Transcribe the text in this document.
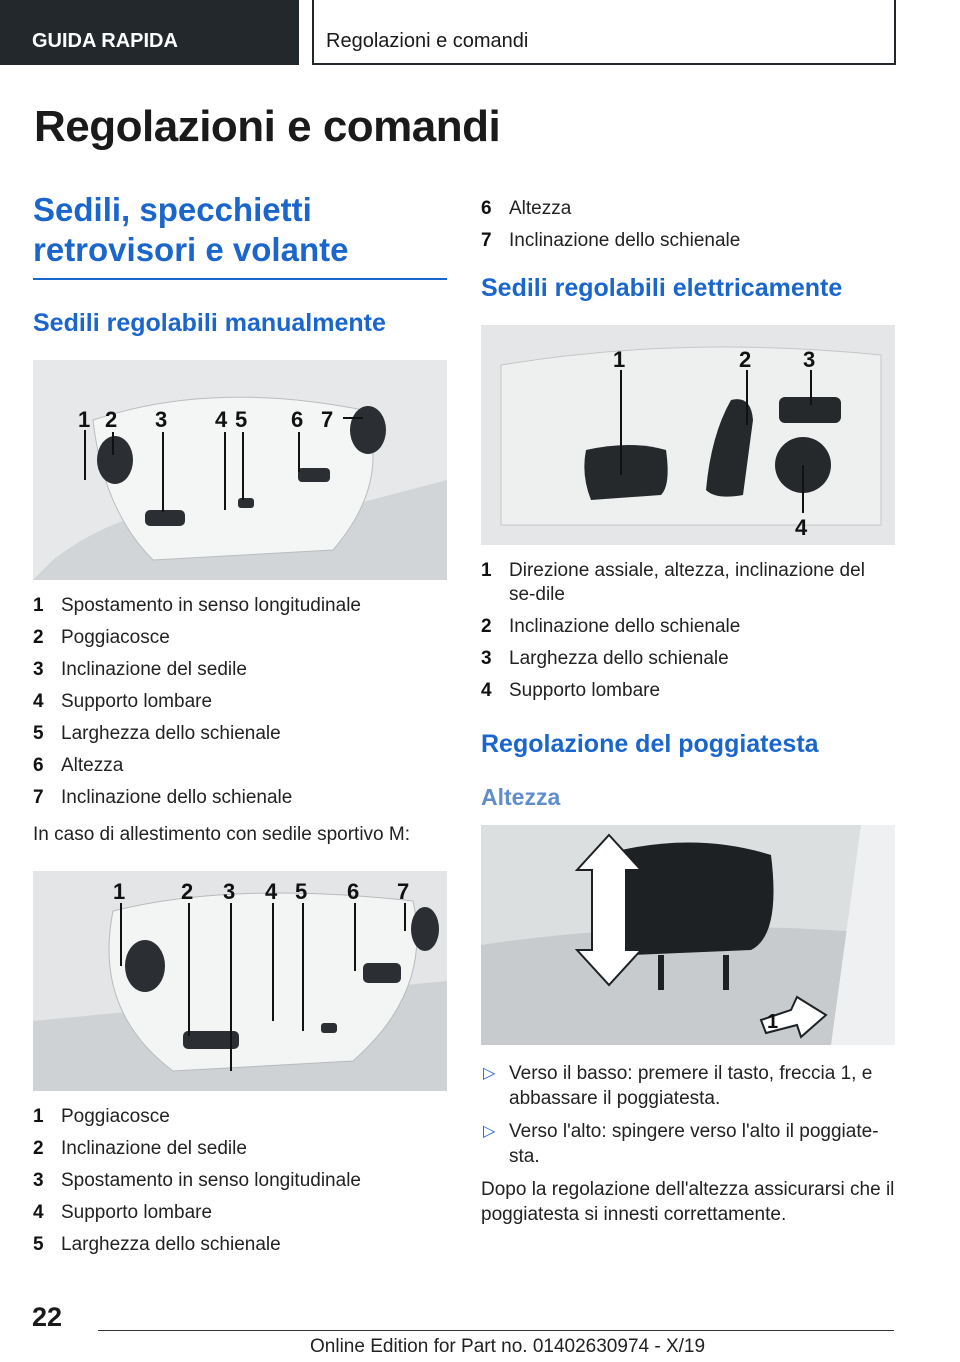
GUIDA RAPIDA	Regolazioni e comandi
Regolazioni e comandi
Sedili, specchietti retrovisori e volante
Sedili regolabili manualmente
1 2 3 4 5 6 7
1 Spostamento in senso longitudinale
2 Poggiacosce
3 Inclinazione del sedile
4 Supporto lombare
5 Larghezza dello schienale
6 Altezza
7 Inclinazione dello schienale

In caso di allestimento con sedile sportivo M:

1	2 3 4 5 6 7
1 Poggiacosce
2 Inclinazione del sedile
3 Spostamento in senso longitudinale
4 Supporto lombare
5 Larghezza dello schienale
6 Altezza
7 Inclinazione dello schienale
Sedili regolabili elettricamente
1	2 3
4
1 Direzione assiale, altezza, inclinazione del se-dile
2 Inclinazione dello schienale
3 Larghezza dello schienale
4 Supporto lombare
Regolazione del poggiatesta
Altezza
1
▷ Verso il basso: premere il tasto, freccia 1, e abbassare il poggiatesta.
▷ Verso l'alto: spingere verso l'alto il poggiate-sta.

Dopo la regolazione dell'altezza assicurarsi che il poggiatesta si innesti correttamente.

22
Online Edition for Part no. 01402630974 - X/19
